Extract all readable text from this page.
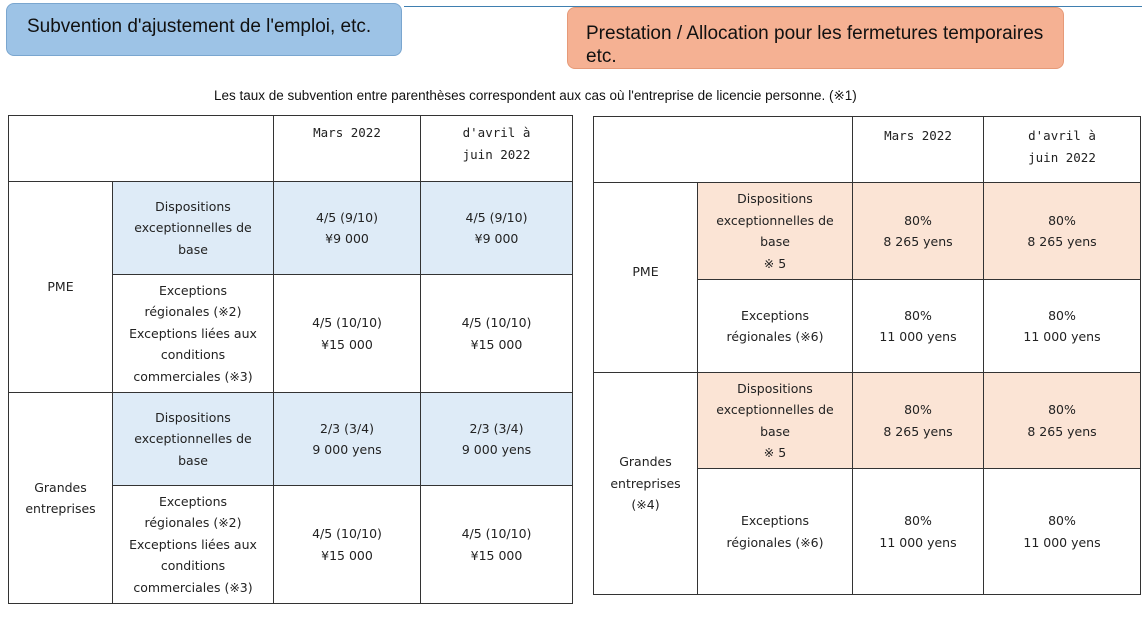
Subvention d'ajustement de l'emploi, etc.	Prestation / Allocation pour les fermetures temporaires
etc.
Les taux de subvention entre parenthèses correspondent aux cas où l'entreprise de licencie personne. (※1)
		Mars 2022	d'avril à
juin 2022

PME	Dispositions
exceptionnelles de
base	4/5 (9/10)
¥9 000	4/5 (9/10)
¥9 000

	Exceptions
régionales (※2)
Exceptions liées aux
conditions
commerciales (※3)	4/5 (10/10)
¥15 000	4/5 (10/10)
¥15 000

Grandes
entreprises	Dispositions
exceptionnelles de
base	2/3 (3/4)
9 000 yens	2/3 (3/4)
9 000 yens

	Exceptions
régionales (※2)
Exceptions liées aux
conditions
commerciales (※3)	4/5 (10/10)
¥15 000	4/5 (10/10)
¥15 000
		Mars 2022	d'avril à
juin 2022

PME	Dispositions
exceptionnelles de
base
※ 5	80%
8 265 yens	80%
8 265 yens

	Exceptions
régionales (※6)	80%
11 000 yens	80%
11 000 yens

Grandes
entreprises
(※4)	Dispositions
exceptionnelles de
base
※ 5	80%
8 265 yens	80%
8 265 yens

	Exceptions
régionales (※6)	80%
11 000 yens	80%
11 000 yens
